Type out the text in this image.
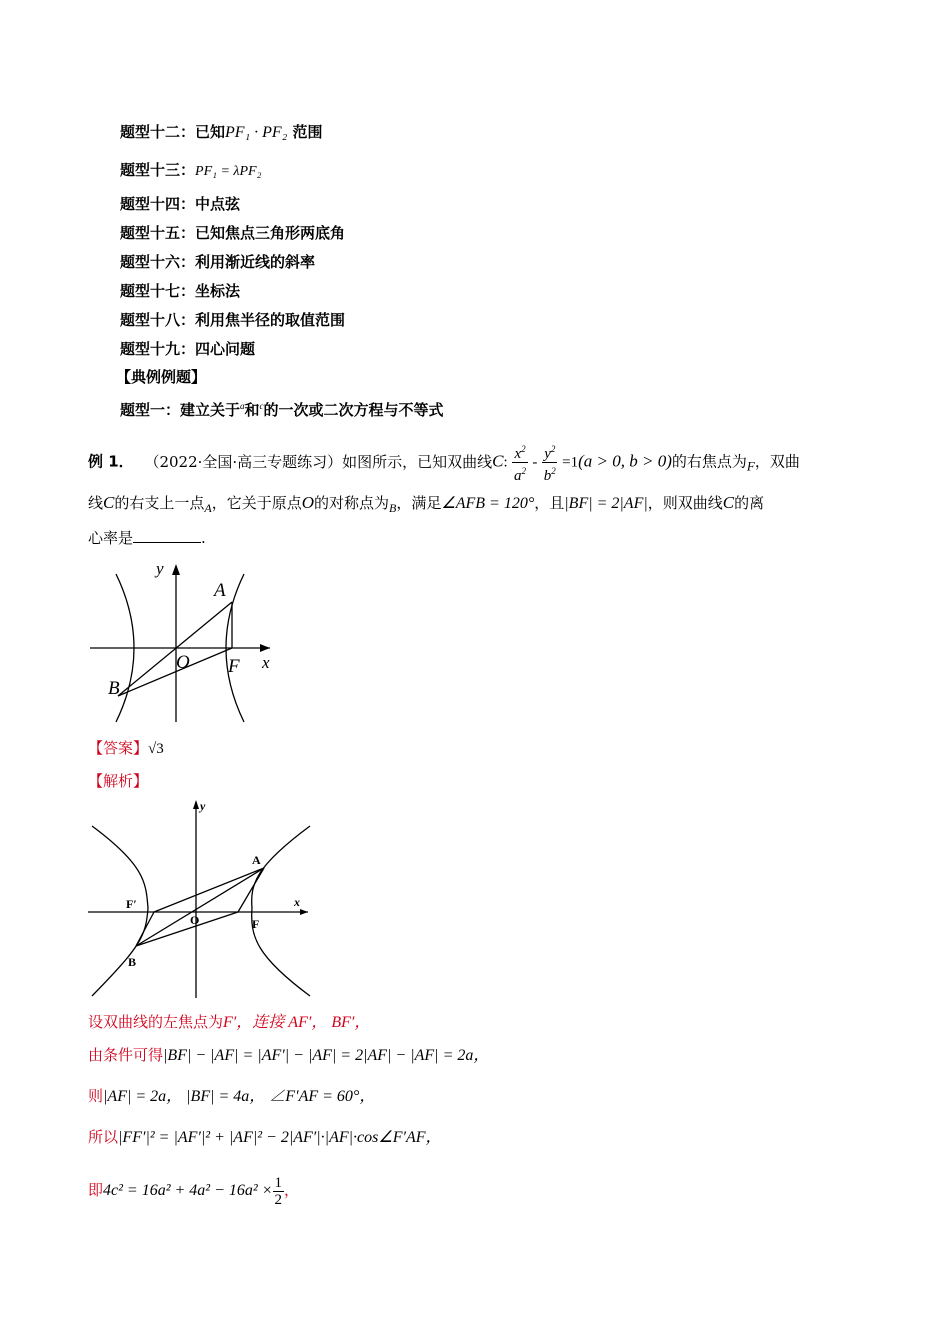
题型十二：已知PF₁ · PF₂ 范围
题型十三：PF₁ = λPF₂
题型十四：中点弦
题型十五：已知焦点三角形两底角
题型十六：利用渐近线的斜率
题型十七：坐标法
题型十八：利用焦半径的取值范围
题型十九：四心问题
【典例例题】
题型一：建立关于$^a$和$^c$的一次或二次方程与不等式
例 1． （2022·全国·高三专题练习）如图所示，已知双曲线C: $\frac{x^2}{a^2} - \frac{y^2}{b^2} =1(a > 0$, b > 0)的右焦点为$_F$，双曲
线C的右支上一点$_A$，它关于原点O的对称点为$_B$，满足∠AFB = 120°，且|BF| = 2|AF|，则双曲线C的离
心率是	.
y
x
A
B
O F
【答案】√3
【解析】
y
x
A
B
O	F
F′
设双曲线的左焦点为F′，连接 AF′， BF′，
由条件可得|BF| − |AF| = |AF′| − |AF| = 2|AF| − |AF| = 2a，
则|AF| = 2a， |BF| = 4a， ∠F′AF = 60°，
所以|FF′|² = |AF′|² + |AF|² − 2|AF′|·|AF|·cos∠F′AF，
即$4c^2 = 16a^2 + 4a^2 - 16a^2 \times \frac{1}{2}$ ，
